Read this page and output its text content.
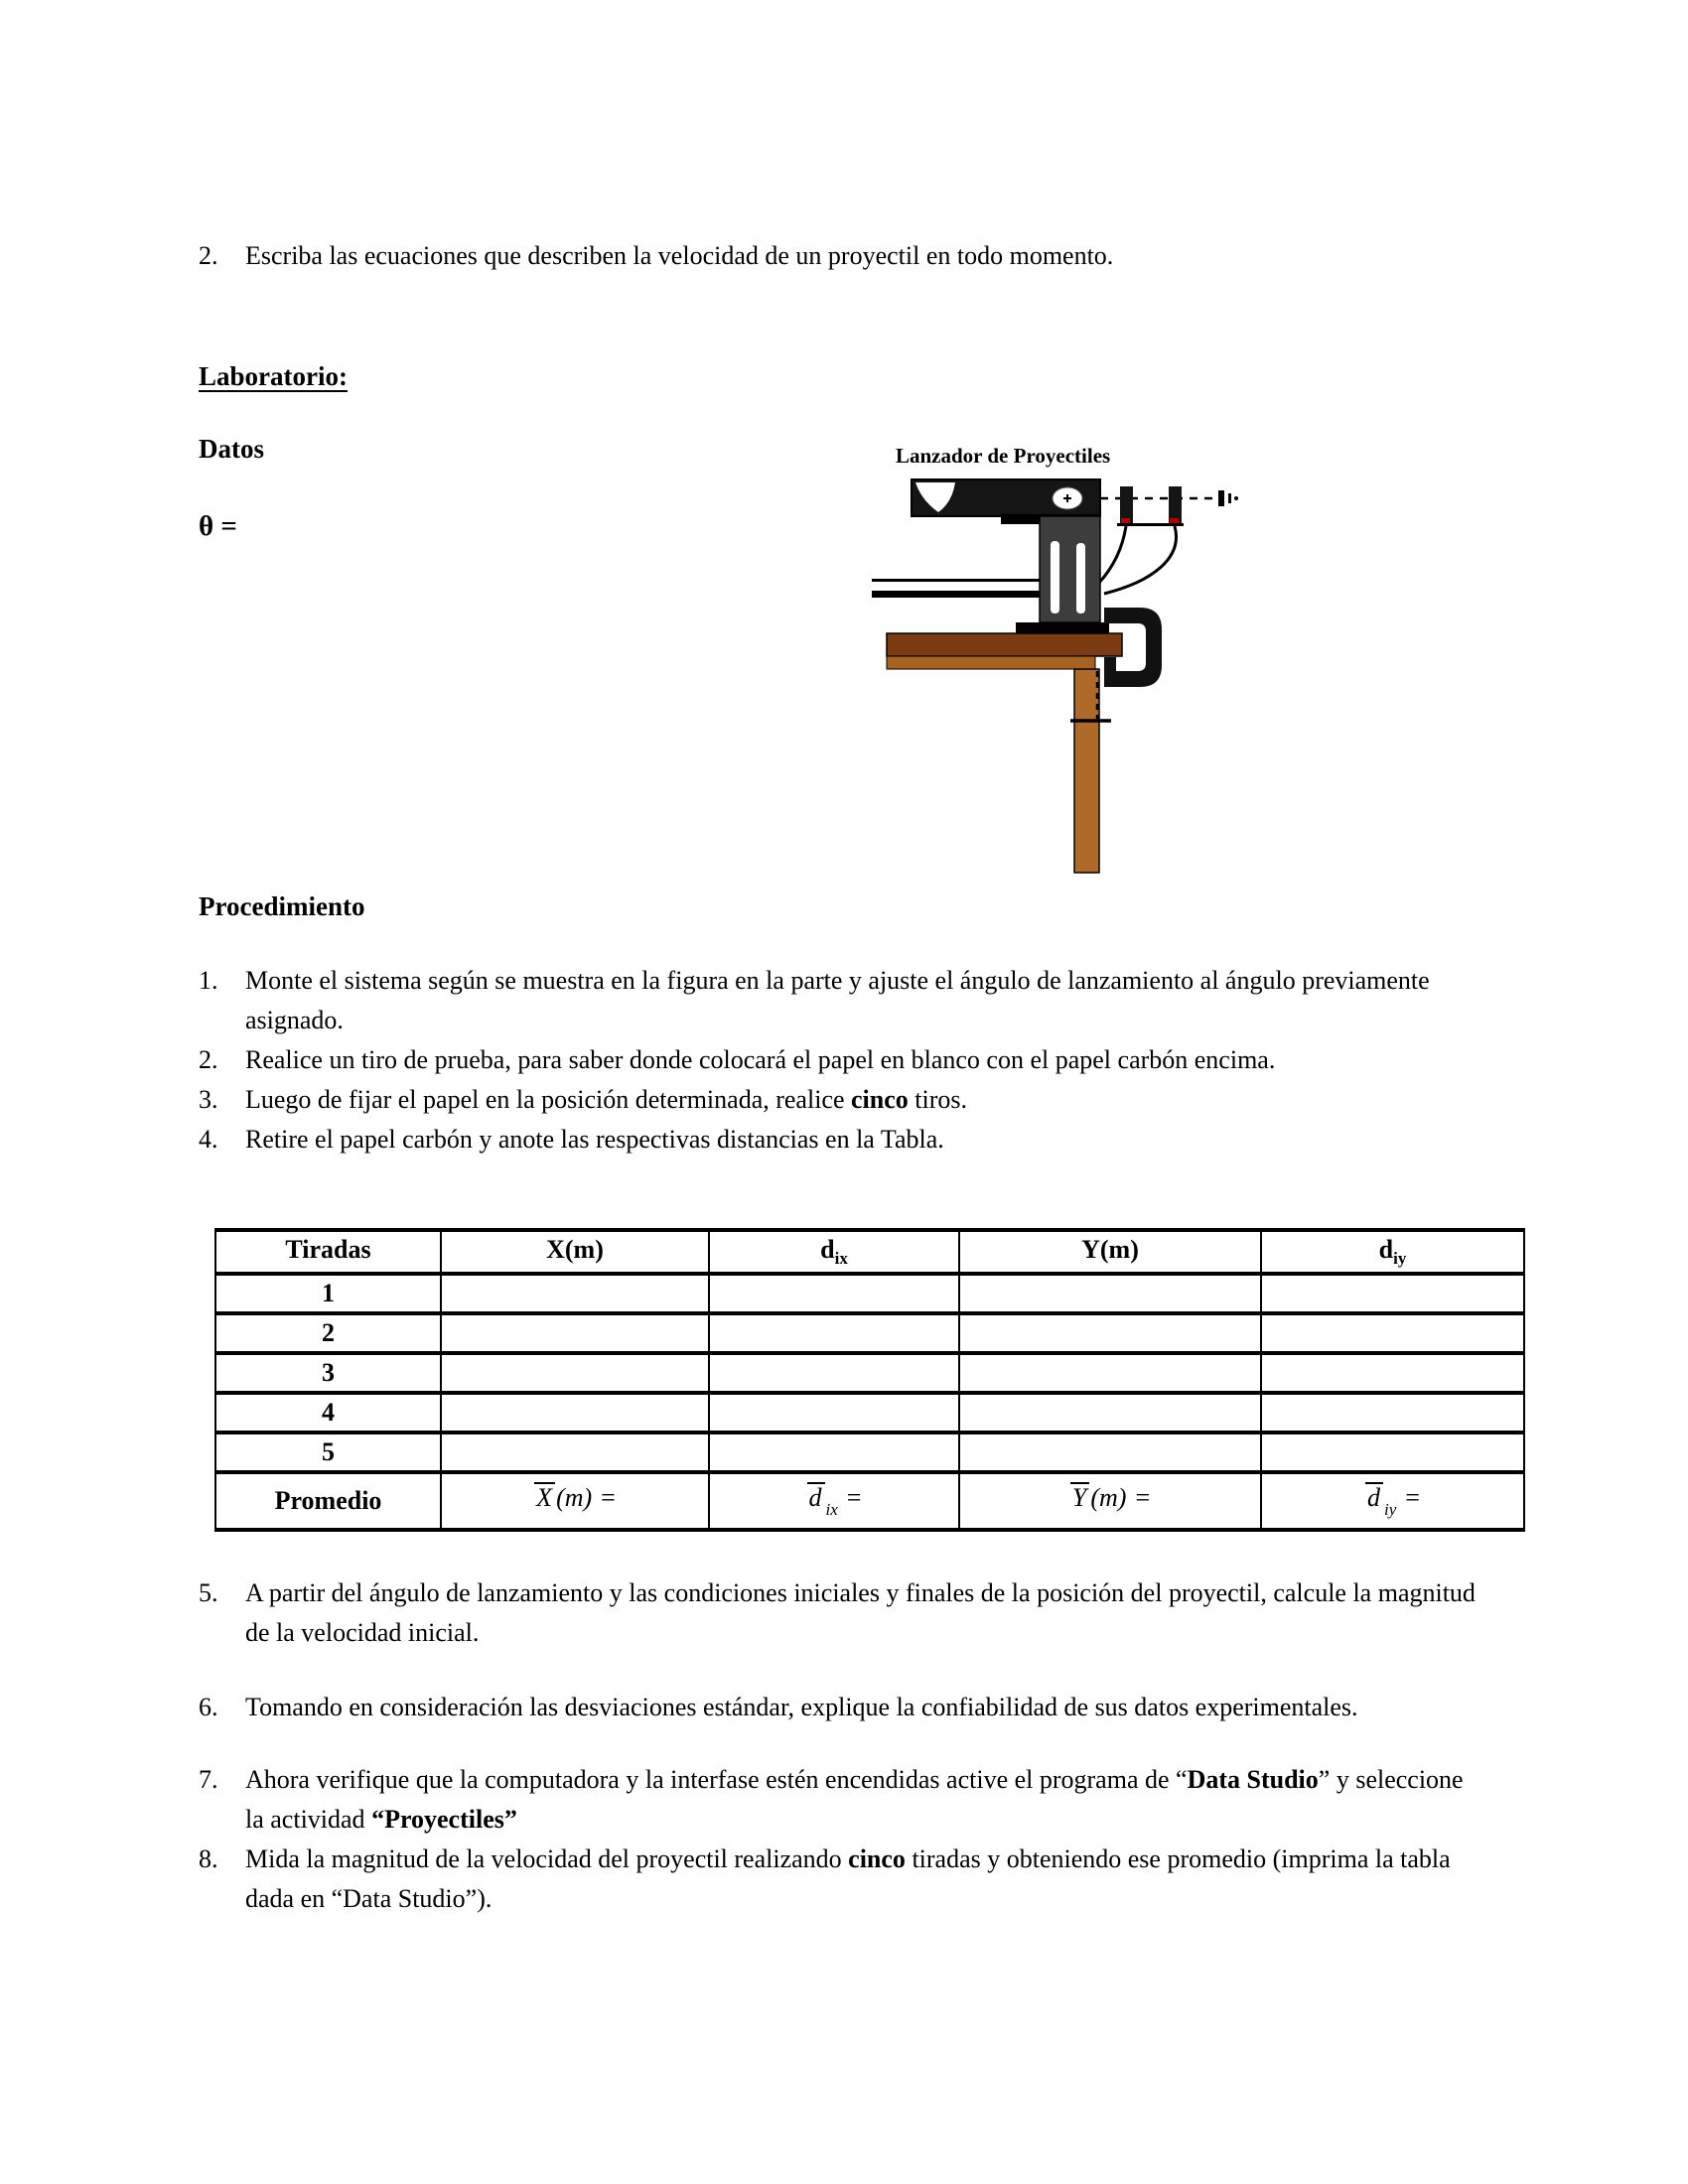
2.	Escriba las ecuaciones que describen la velocidad de un proyectil en todo momento.
Laboratorio:
Datos
θ =
Lanzador de Proyectiles
Procedimiento
1.	Monte el sistema según se muestra en la figura en la parte y ajuste el ángulo de lanzamiento al ángulo previamente asignado.
2.	Realice un tiro de prueba, para saber donde colocará el papel en blanco con el papel carbón encima.
3.	Luego de fijar el papel en la posición determinada, realice cinco tiros.
4.	Retire el papel carbón y anote las respectivas distancias en la Tabla.
Tiradas	X(m)	$d_{ix}$	Y(m)	$d_{iy}$
1				
2				
3				
4				
5				
Promedio	X (m) =	d $_{ix}$ =	Y (m) =	d $_{iy}$ =
5.	A partir del ángulo de lanzamiento y las condiciones iniciales y finales de la posición del proyectil, calcule la magnitud de la velocidad inicial.
6.	Tomando en consideración las desviaciones estándar, explique la confiabilidad de sus datos experimentales.
7.	Ahora verifique que la computadora y la interfase estén encendidas active el programa de “Data Studio” y seleccione la actividad “Proyectiles”
8.	Mida la magnitud de la velocidad del proyectil realizando cinco tiradas y obteniendo ese promedio (imprima la tabla dada en “Data Studio”).
